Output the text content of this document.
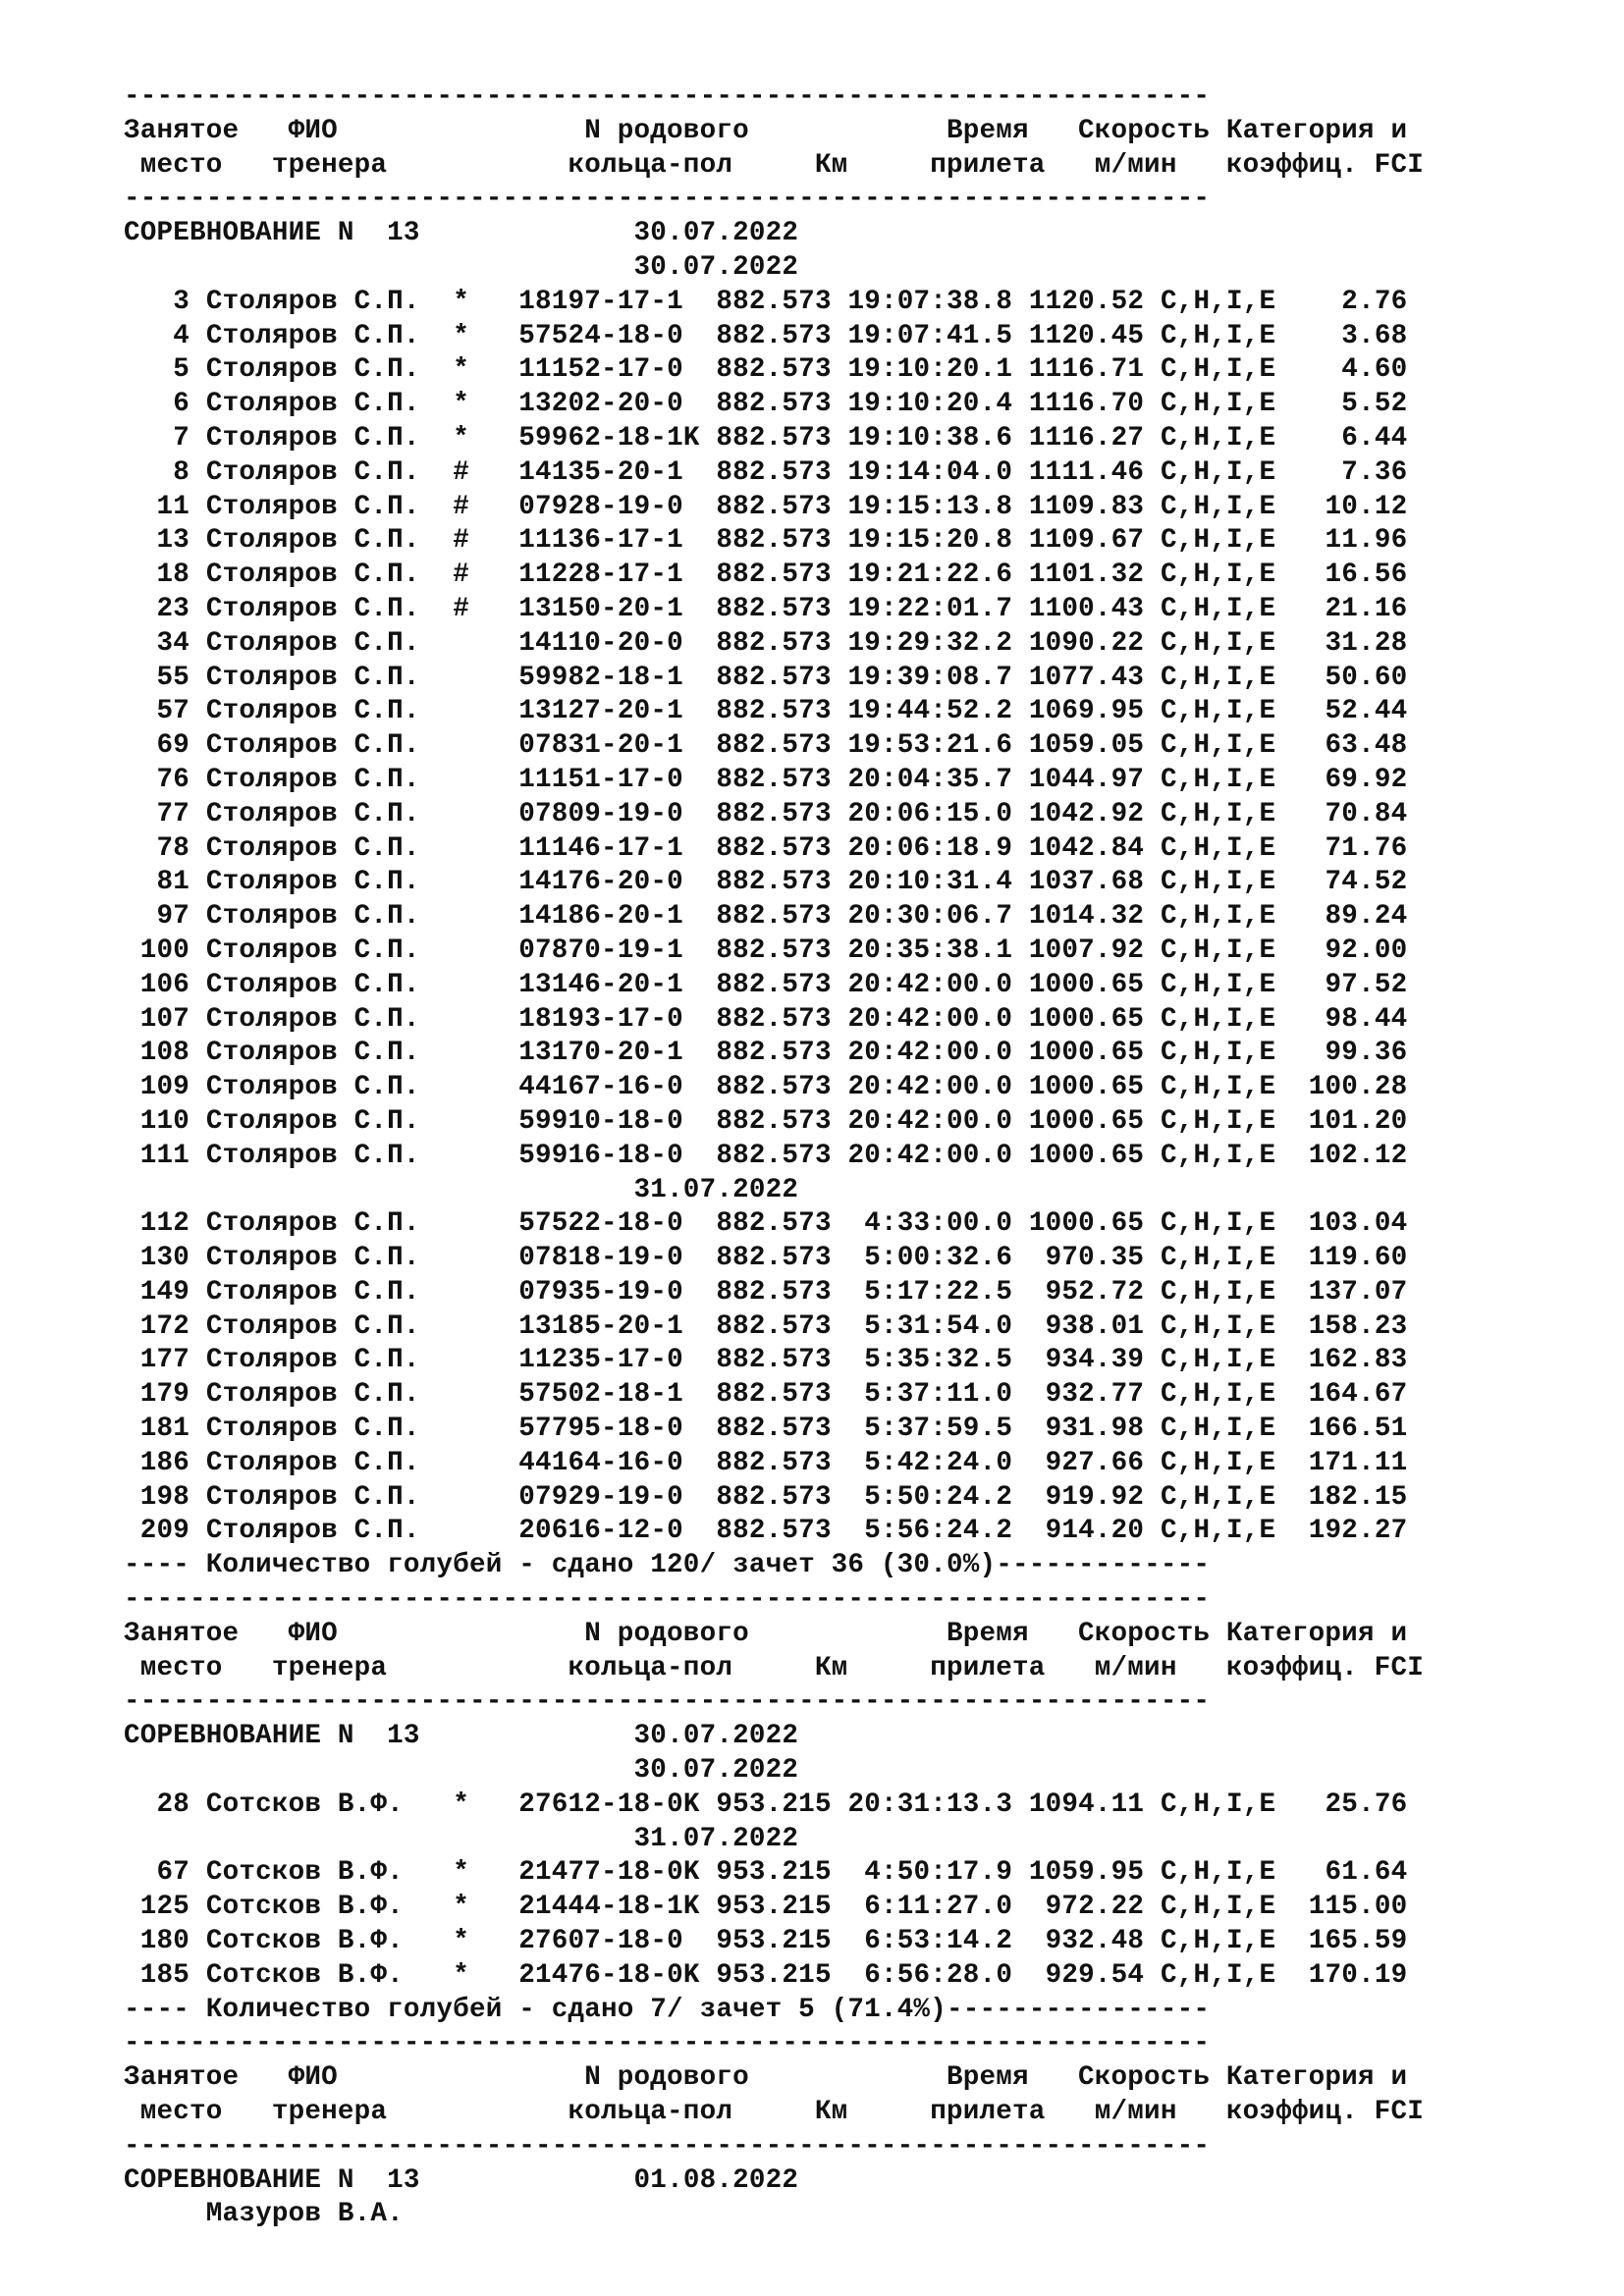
------------------------------------------------------------------
Занятое   ФИО               N родового            Время   Скорость Категория и
место   тренера           кольца-пол     Км     прилета   м/мин   коэффиц. FCI
------------------------------------------------------------------
СОРЕВНОВАНИЕ N  13	30.07.2022
30.07.2022
3 Столяров С.П.  * 18197-17-1  882.573 19:07:38.8 1120.52 C,H,I,E    2.76
4 Столяров С.П.  * 57524-18-0  882.573 19:07:41.5 1120.45 C,H,I,E    3.68
5 Столяров С.П.  * 11152-17-0  882.573 19:10:20.1 1116.71 C,H,I,E    4.60
6 Столяров С.П.  * 13202-20-0  882.573 19:10:20.4 1116.70 C,H,I,E    5.52
7 Столяров С.П.  * 59962-18-1K 882.573 19:10:38.6 1116.27 C,H,I,E    6.44
8 Столяров С.П.  # 14135-20-1  882.573 19:14:04.0 1111.46 C,H,I,E    7.36
11 Столяров С.П.  # 07928-19-0  882.573 19:15:13.8 1109.83 C,H,I,E   10.12
13 Столяров С.П.  # 11136-17-1  882.573 19:15:20.8 1109.67 C,H,I,E   11.96
18 Столяров С.П.  # 11228-17-1  882.573 19:21:22.6 1101.32 C,H,I,E   16.56
23 Столяров С.П.  # 13150-20-1  882.573 19:22:01.7 1100.43 C,H,I,E   21.16
34 Столяров С.П.	14110-20-0  882.573 19:29:32.2 1090.22 C,H,I,E   31.28
55 Столяров С.П.	59982-18-1  882.573 19:39:08.7 1077.43 C,H,I,E   50.60
57 Столяров С.П.	13127-20-1  882.573 19:44:52.2 1069.95 C,H,I,E   52.44
69 Столяров С.П.	07831-20-1  882.573 19:53:21.6 1059.05 C,H,I,E   63.48
76 Столяров С.П.	11151-17-0  882.573 20:04:35.7 1044.97 C,H,I,E   69.92
77 Столяров С.П.	07809-19-0  882.573 20:06:15.0 1042.92 C,H,I,E   70.84
78 Столяров С.П.	11146-17-1  882.573 20:06:18.9 1042.84 C,H,I,E   71.76
81 Столяров С.П.	14176-20-0  882.573 20:10:31.4 1037.68 C,H,I,E   74.52
97 Столяров С.П.	14186-20-1  882.573 20:30:06.7 1014.32 C,H,I,E   89.24
100 Столяров С.П.	07870-19-1  882.573 20:35:38.1 1007.92 C,H,I,E   92.00
106 Столяров С.П.	13146-20-1  882.573 20:42:00.0 1000.65 C,H,I,E   97.52
107 Столяров С.П.	18193-17-0  882.573 20:42:00.0 1000.65 C,H,I,E   98.44
108 Столяров С.П.	13170-20-1  882.573 20:42:00.0 1000.65 C,H,I,E   99.36
109 Столяров С.П.	44167-16-0  882.573 20:42:00.0 1000.65 C,H,I,E  100.28
110 Столяров С.П.	59910-18-0  882.573 20:42:00.0 1000.65 C,H,I,E  101.20
111 Столяров С.П.	59916-18-0  882.573 20:42:00.0 1000.65 C,H,I,E  102.12
31.07.2022
112 Столяров С.П.	57522-18-0  882.573  4:33:00.0 1000.65 C,H,I,E  103.04
130 Столяров С.П.	07818-19-0  882.573  5:00:32.6  970.35 C,H,I,E  119.60
149 Столяров С.П.	07935-19-0  882.573  5:17:22.5  952.72 C,H,I,E  137.07
172 Столяров С.П.	13185-20-1  882.573  5:31:54.0  938.01 C,H,I,E  158.23
177 Столяров С.П.	11235-17-0  882.573  5:35:32.5  934.39 C,H,I,E  162.83
179 Столяров С.П.	57502-18-1  882.573  5:37:11.0  932.77 C,H,I,E  164.67
181 Столяров С.П.	57795-18-0  882.573  5:37:59.5  931.98 C,H,I,E  166.51
186 Столяров С.П.	44164-16-0  882.573  5:42:24.0  927.66 C,H,I,E  171.11
198 Столяров С.П.	07929-19-0  882.573  5:50:24.2  919.92 C,H,I,E  182.15
209 Столяров С.П.	20616-12-0  882.573  5:56:24.2  914.20 C,H,I,E  192.27
---- Количество голубей - сдано 120/ зачет 36 (30.0%)-------------
------------------------------------------------------------------
Занятое   ФИО               N родового            Время   Скорость Категория и
место   тренера           кольца-пол     Км     прилета   м/мин   коэффиц. FCI
------------------------------------------------------------------
СОРЕВНОВАНИЕ N  13	30.07.2022
30.07.2022
28 Сотсков В.Ф.   * 27612-18-0K 953.215 20:31:13.3 1094.11 C,H,I,E   25.76
31.07.2022
67 Сотсков В.Ф.   * 21477-18-0K 953.215  4:50:17.9 1059.95 C,H,I,E   61.64
125 Сотсков В.Ф.   * 21444-18-1K 953.215  6:11:27.0  972.22 C,H,I,E  115.00
180 Сотсков В.Ф.   * 27607-18-0  953.215  6:53:14.2  932.48 C,H,I,E  165.59
185 Сотсков В.Ф.   * 21476-18-0K 953.215  6:56:28.0  929.54 C,H,I,E  170.19
---- Количество голубей - сдано 7/ зачет 5 (71.4%)----------------
------------------------------------------------------------------
Занятое   ФИО               N родового            Время   Скорость Категория и
место   тренера           кольца-пол     Км     прилета   м/мин   коэффиц. FCI
------------------------------------------------------------------
СОРЕВНОВАНИЕ N  13	01.08.2022
Мазуров В.А.
